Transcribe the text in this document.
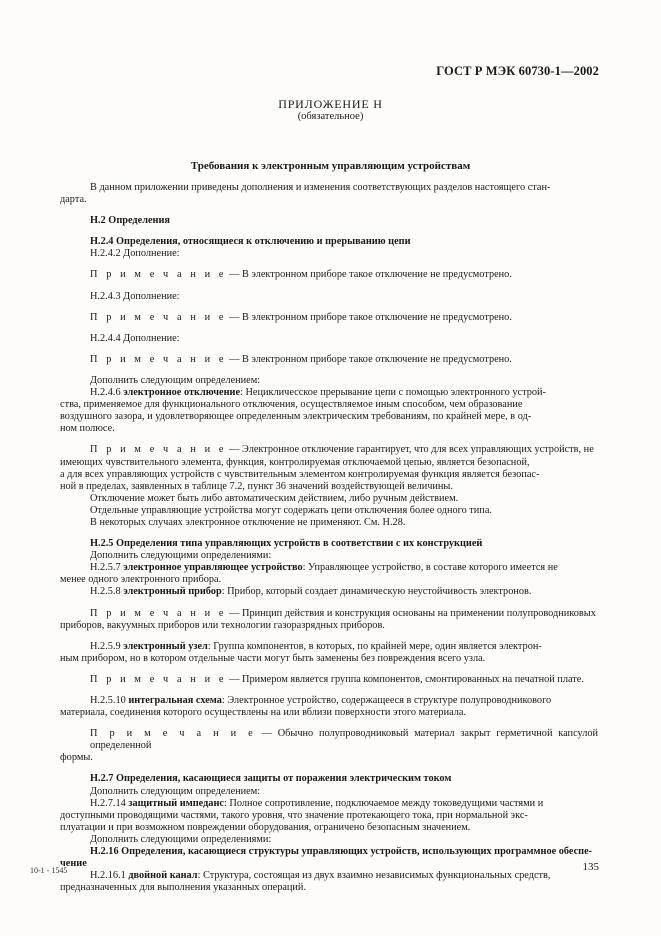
ГОСТ Р МЭК 60730-1—2002
ПРИЛОЖЕНИЕ Н
(обязательное)
Требования к электронным управляющим устройствам

В данном приложении приведены дополнения и изменения соответствующих разделов настоящего стан-

дарта.

Н.2 Определения

Н.2.4 Определения, относящиеся к отключению и прерыванию цепи

Н.2.4.2 Дополнение:

П р и м е ч а н и е — В электронном приборе такое отключение не предусмотрено.

Н.2.4.3 Дополнение:

П р и м е ч а н и е — В электронном приборе такое отключение не предусмотрено.

Н.2.4.4 Дополнение:

П р и м е ч а н и е — В электронном приборе такое отключение не предусмотрено.

Дополнить следующим определением:

Н.2.4.6 электронное отключение: Нецикличесское прерывание цепи с помощью электронного устрой-

ства, применяемое для функционального отключения, осуществляемое иным способом, чем образование

воздушного зазора, и удовлетворяющее определенным электрическим требованиям, по крайней мере, в од-

ном полюсе.

П р и м е ч а н и е — Электронное отключение гарантирует, что для всех управляющих устройств, не

имеющих чувствительного элемента, функция, контролируемая отключаемой цепью, является безопасной,

а для всех управляющих устройств с чувствительным элементом контролируемая функция является безопас-

ной в пределах, заявленных в таблице 7.2, пункт 36 значений воздействующей величины.

Отключение может быть либо автоматическим действием, либо ручным действием.

Отдельные управляющие устройства могут содержать цепи отключения более одного типа.

В некоторых случаях электронное отключение не применяют. См. Н.28.

Н.2.5 Определения типа управляющих устройств в соответствии с их конструкцией

Дополнить следующими определениями:

Н.2.5.7 электронное управляющее устройство: Управляющее устройство, в составе которого имеется не

менее одного электронного прибора.

Н.2.5.8 электронный прибор: Прибор, который создает динамическую неустойчивость электронов.

П р и м е ч а н и е — Принцип действия и конструкция основаны на применении полупроводниковых

приборов, вакуумных приборов или технологии газоразрядных приборов.

Н.2.5.9 электронный узел: Группа компонентов, в которых, по крайней мере, один является электрон-

ным прибором, но в котором отдельные части могут быть заменены без повреждения всего узла.

П р и м е ч а н и е — Примером является группа компонентов, смонтированных на печатной плате.

Н.2.5.10 интегральная схема: Электронное устройство, содержащееся в структуре полупроводникового

материала, соединения которого осуществлены на или вблизи поверхности этого материала.

П р и м е ч а н и е — Обычно полупроводниковый материал закрыт герметичной капсулой определенной

формы.

Н.2.7 Определения, касающиеся защиты от поражения электрическим током

Дополнить следующим определением:

Н.2.7.14 защитный импеданс: Полное сопротивление, подключаемое между токоведущими частями и

доступными проводящими частями, такого уровня, что значение протекающего тока, при нормальной экс-

плуатации и при возможном повреждении оборудования, ограничено безопасным значением.

Дополнить следующими определениями:

Н.2.16 Определения, касающиеся структуры управляющих устройств, использующих программное обеспе-

чение

Н.2.16.1 двойной канал: Структура, состоящая из двух взаимно независимых функциональных средств,

предназначенных для выполнения указанных операций.

10-1 - 1545	135
